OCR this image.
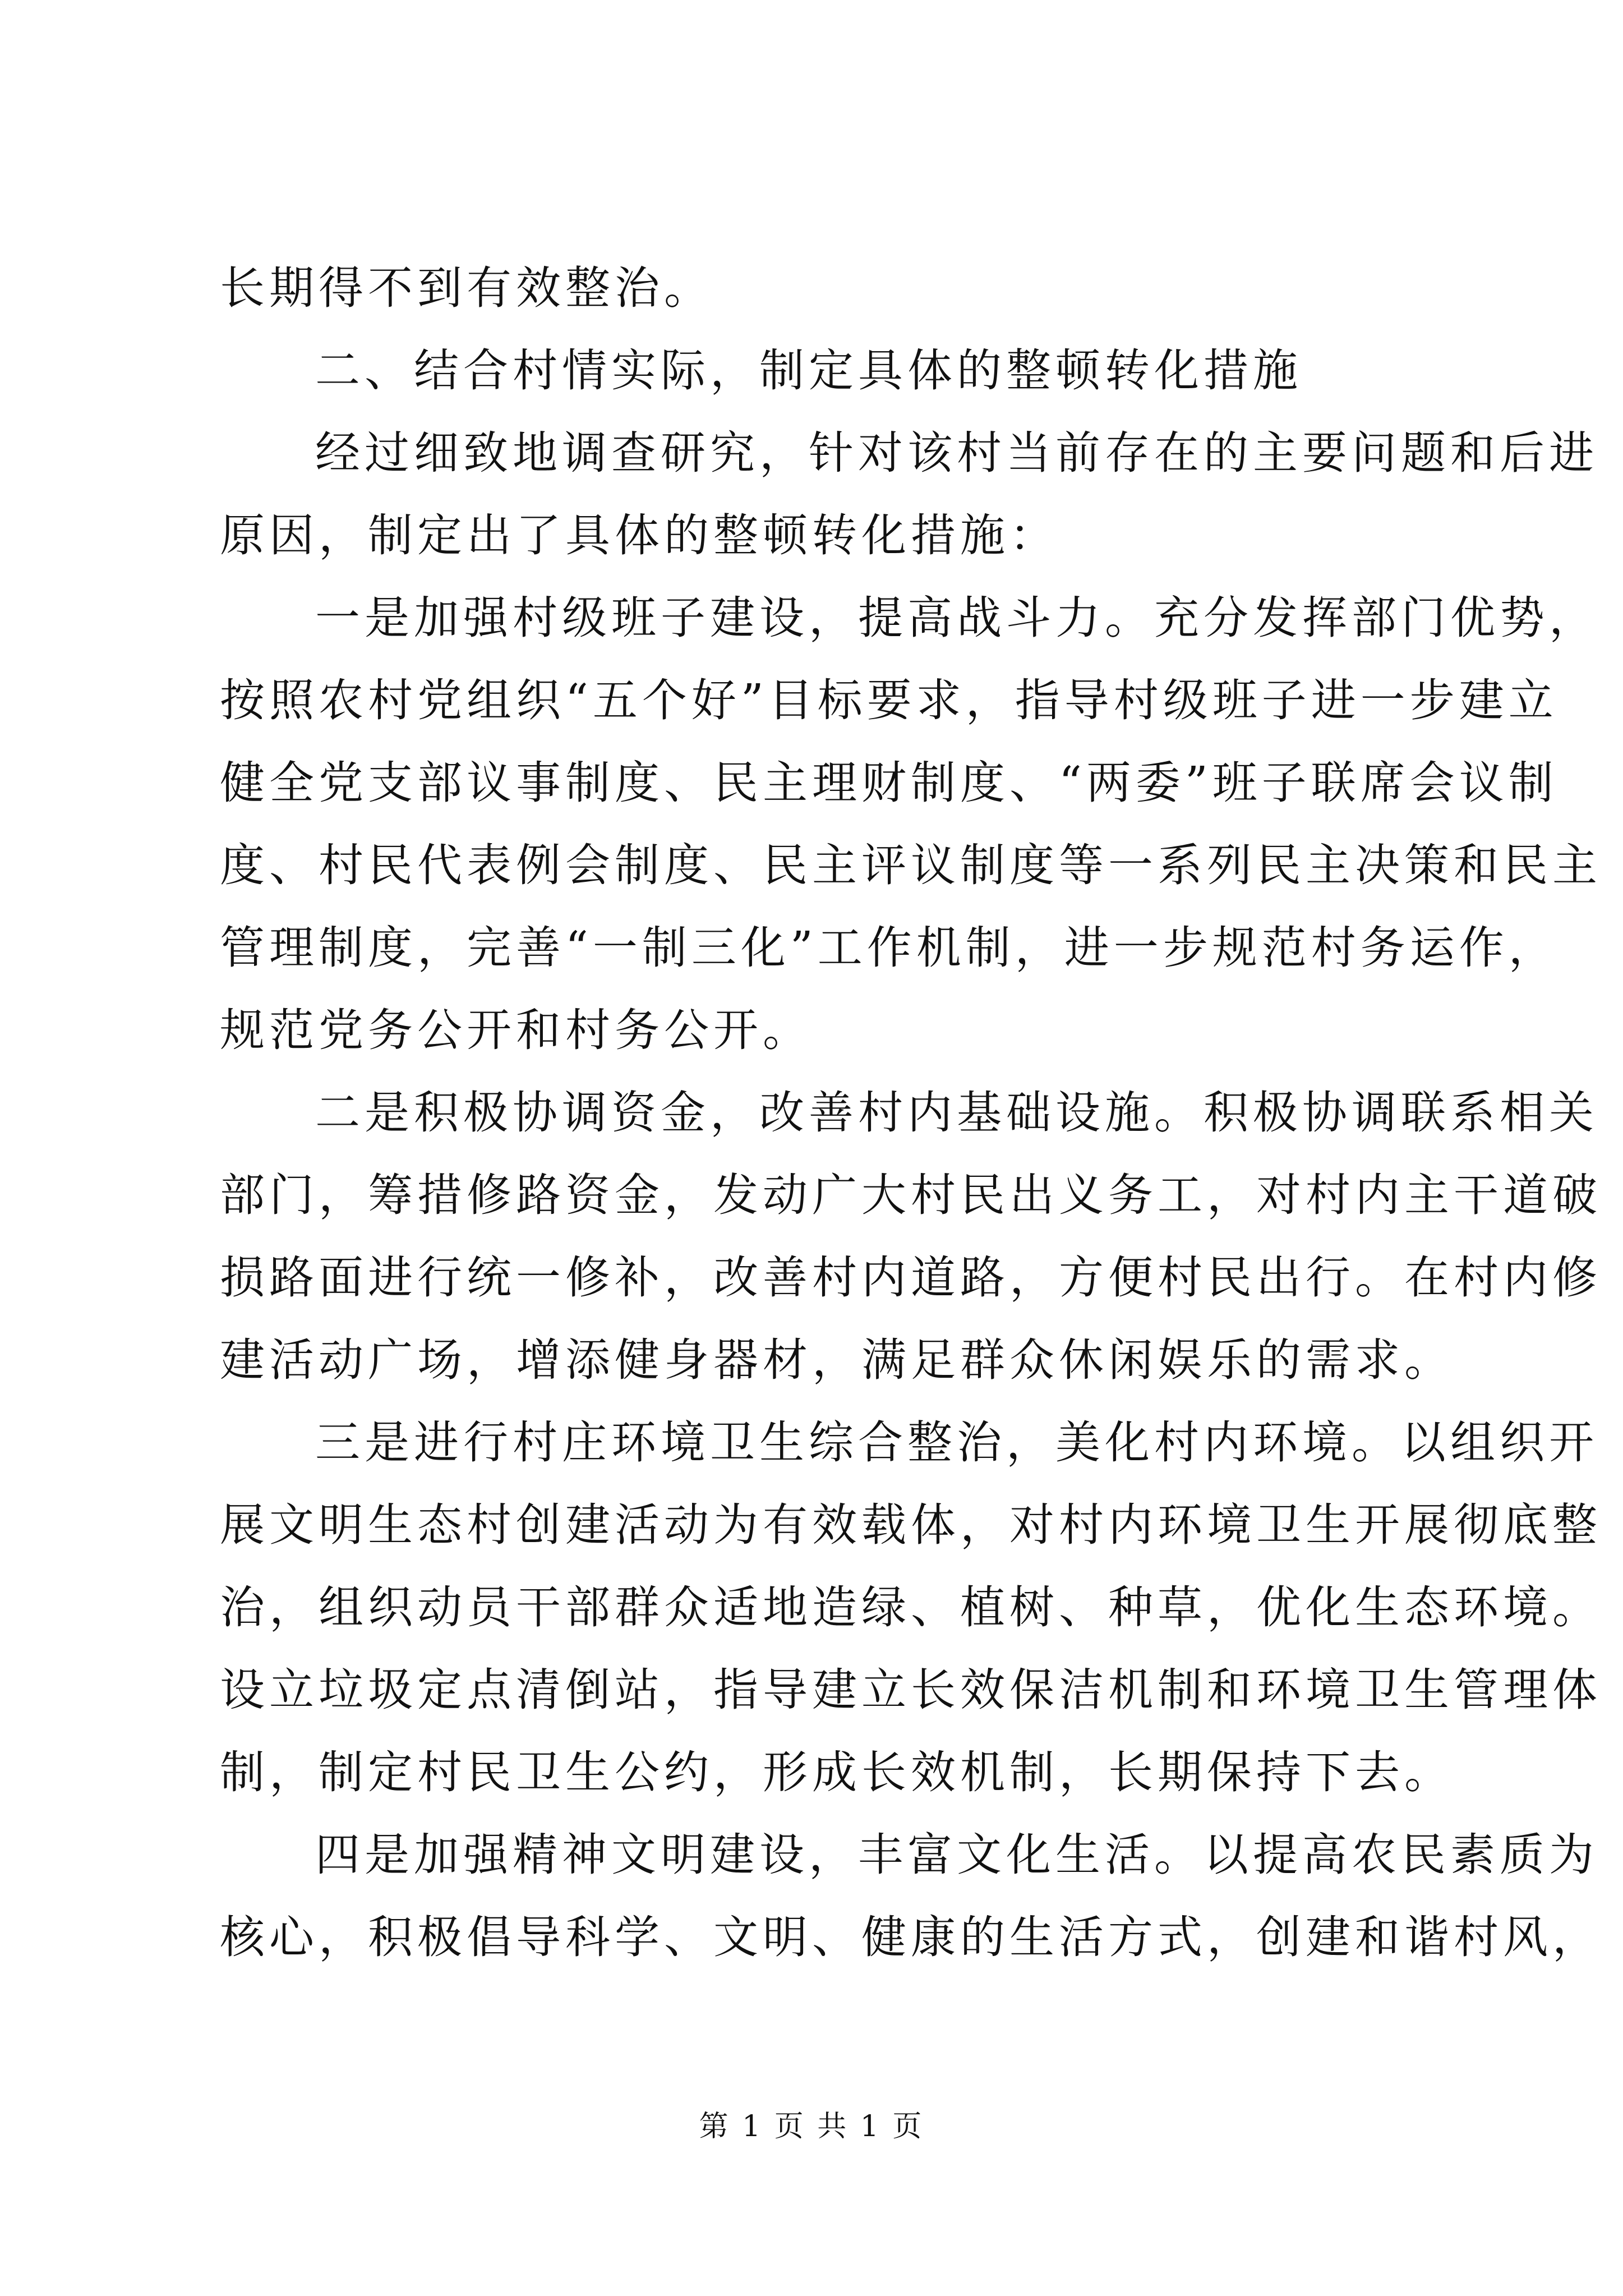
长期得不到有效整治。
二、结合村情实际，制定具体的整顿转化措施
经过细致地调查研究，针对该村当前存在的主要问题和后进
原因，制定出了具体的整顿转化措施：
一是加强村级班子建设，提高战斗力。充分发挥部门优势，
按照农村党组织“五个好”目标要求，指导村级班子进一步建立
健全党支部议事制度、民主理财制度、“两委”班子联席会议制
度、村民代表例会制度、民主评议制度等一系列民主决策和民主
管理制度，完善“一制三化”工作机制，进一步规范村务运作，
规范党务公开和村务公开。
二是积极协调资金，改善村内基础设施。积极协调联系相关
部门，筹措修路资金，发动广大村民出义务工，对村内主干道破
损路面进行统一修补，改善村内道路，方便村民出行。在村内修
建活动广场，增添健身器材，满足群众休闲娱乐的需求。
三是进行村庄环境卫生综合整治，美化村内环境。以组织开
展文明生态村创建活动为有效载体，对村内环境卫生开展彻底整
治，组织动员干部群众适地造绿、植树、种草，优化生态环境。
设立垃圾定点清倒站，指导建立长效保洁机制和环境卫生管理体
制，制定村民卫生公约，形成长效机制，长期保持下去。
四是加强精神文明建设，丰富文化生活。以提高农民素质为
核心，积极倡导科学、文明、健康的生活方式，创建和谐村风，
第 1 页 共 1 页
